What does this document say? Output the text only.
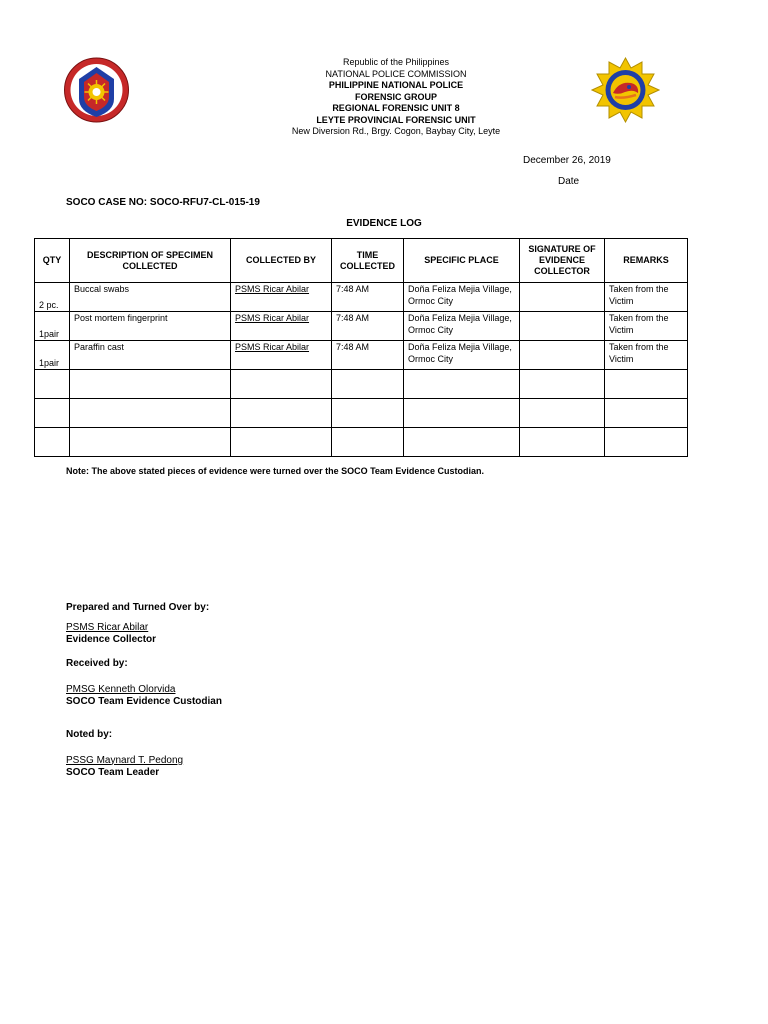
Republic of the Philippines
NATIONAL POLICE COMMISSION
PHILIPPINE NATIONAL POLICE
FORENSIC GROUP
REGIONAL FORENSIC UNIT 8
LEYTE PROVINCIAL FORENSIC UNIT
New Diversion Rd., Brgy. Cogon, Baybay City, Leyte
December 26, 2019
Date
SOCO CASE NO: SOCO-RFU7-CL-015-19
EVIDENCE LOG
QTY	DESCRIPTION OF SPECIMEN COLLECTED	COLLECTED BY	TIME COLLECTED	SPECIFIC PLACE	SIGNATURE OF EVIDENCE COLLECTOR	REMARKS
2 pc.	Buccal swabs	PSMS Ricar Abilar	7:48 AM	Doña Feliza Mejia Village, Ormoc City		Taken from the Victim
1pair	Post mortem fingerprint	PSMS Ricar Abilar	7:48 AM	Doña Feliza Mejia Village, Ormoc City		Taken from the Victim
1pair	Paraffin cast	PSMS Ricar Abilar	7:48 AM	Doña Feliza Mejia Village, Ormoc City		Taken from the Victim

Note: The above stated pieces of evidence were turned over the SOCO Team Evidence Custodian.
Prepared and Turned Over by:
PSMS Ricar Abilar
Evidence Collector
Received by:
PMSG Kenneth Olorvida
SOCO Team Evidence Custodian
Noted by:
PSSG Maynard T. Pedong
SOCO Team Leader
